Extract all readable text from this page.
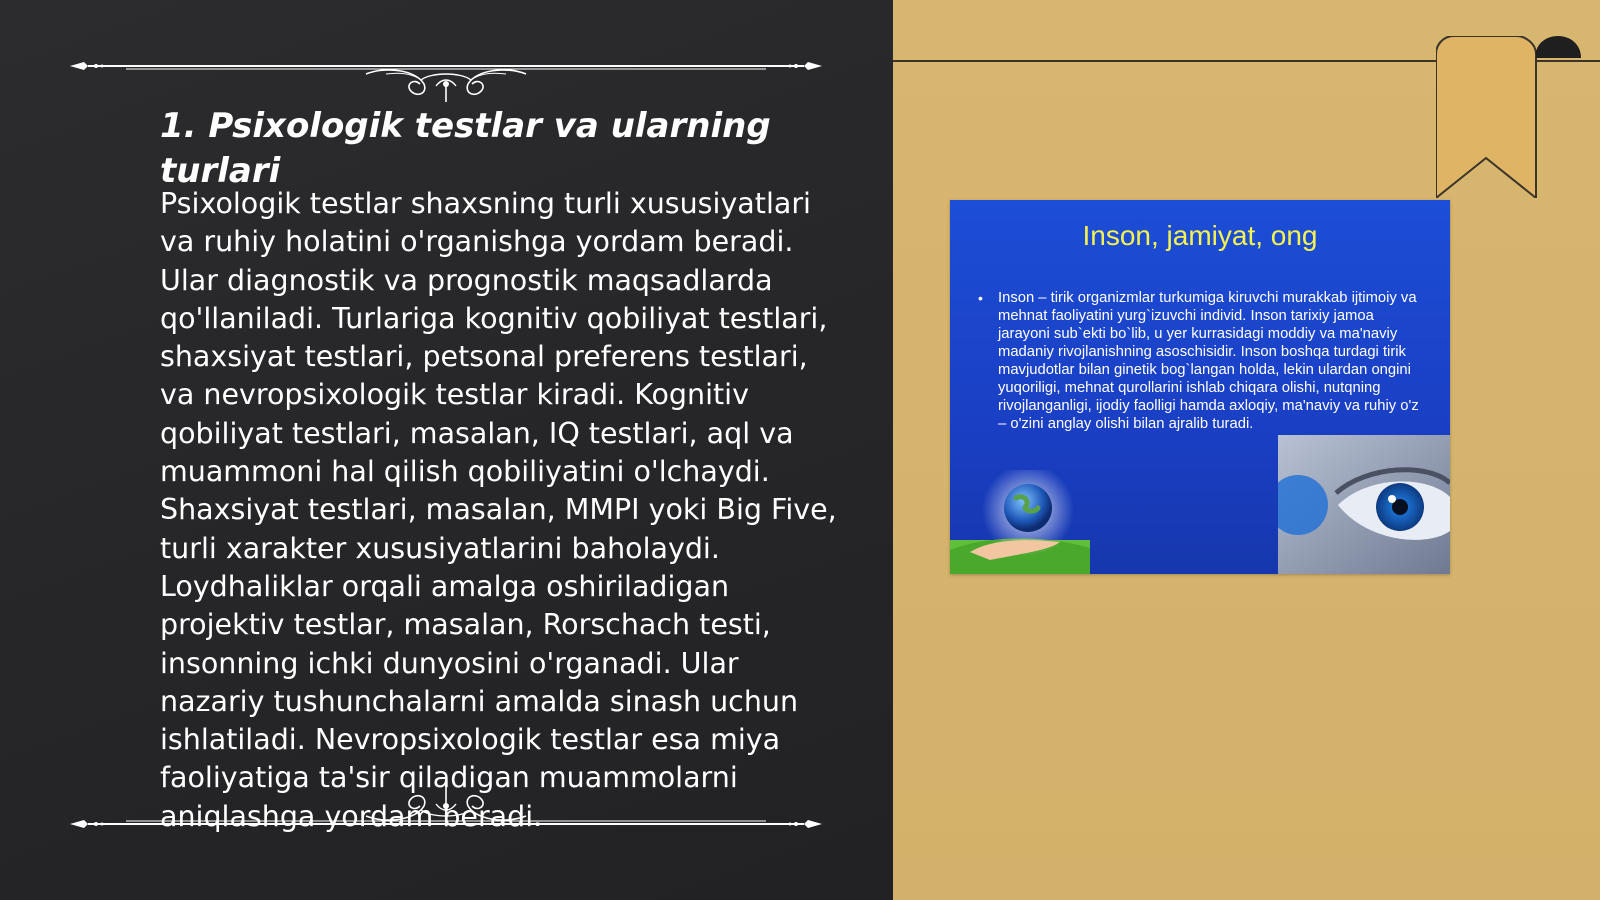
1. Psixologik testlar va ularning turlari

Psixologik testlar shaxsning turli xususiyatlari va ruhiy holatini o'rganishga yordam beradi. Ular diagnostik va prognostik maqsadlarda qo'llaniladi. Turlariga kognitiv qobiliyat testlari, shaxsiyat testlari, petsonal preferens testlari, va nevropsixologik testlar kiradi. Kognitiv qobiliyat testlari, masalan, IQ testlari, aql va muammoni hal qilish qobiliyatini o'lchaydi. Shaxsiyat testlari, masalan, MMPI yoki Big Five, turli xarakter xususiyatlarini baholaydi. Loydhaliklar orqali amalga oshiriladigan projektiv testlar, masalan, Rorschach testi, insonning ichki dunyosini o'rganadi. Ular nazariy tushunchalarni amalda sinash uchun ishlatiladi. Nevropsixologik testlar esa miya faoliyatiga ta'sir qiladigan muammolarni aniqlashga yordam beradi.

Inson, jamiyat, ong
•	Inson – tirik organizmlar turkumiga kiruvchi murakkab ijtimoiy va mehnat faoliyatini yurg`izuvchi individ. Inson tarixiy jamoa jarayoni sub`ekti bo`lib, u yer kurrasidagi moddiy va ma'naviy madaniy rivojlanishning asoschisidir. Inson boshqa turdagi tirik mavjudotlar bilan ginetik bog`langan holda, lekin ulardan ongini yuqoriligi, mehnat qurollarini ishlab chiqara olishi, nutqning rivojlanganligi, ijodiy faolligi hamda axloqiy, ma'naviy va ruhiy o'z – o'zini anglay olishi bilan ajralib turadi.
